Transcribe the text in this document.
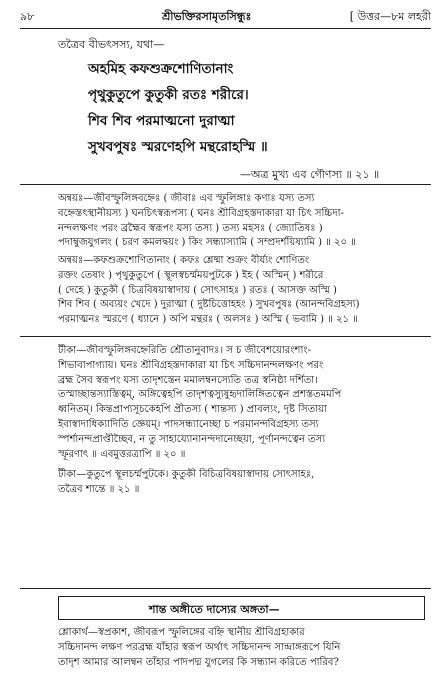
৯৮	শ্রীভক্তিরসামৃতসিন্ধুঃ	[ উত্তর—৮ম লহরী
তত্রৈব বীভৎসস্য, যথা—
অহমিহ কফশুক্রশোণিতানাং
পৃথুকুতুপে কুতুকী রতঃ শরীরে।
শিব শিব পরমাত্মনো দুরাত্মা
সুখবপুষঃ স্মরণেহপি মন্থরোহস্মি ॥
—অত্র মুখ্য এব গৌণস্য ॥ ২১ ॥

অন্বয়ঃ—জীবস্ফুলিঙ্গবহ্নেঃ ( জীবাঃ এব স্ফুলিঙ্গাঃ কণাঃ যস্য তস্য

বহ্নেস্তৎস্থানীয়স্য ) ঘনচিৎস্বরূপস্য ( ঘনঃ শ্রীবিগ্রহস্তদাকারা যা চিৎ সচ্চিদা-

নন্দলক্ষণং পরং ব্রহ্মৈব স্বরূপং যস্য তস্য ) তস্য মহসঃ ( জ্যোতিষঃ )

পদাম্বুজযুগলং ( চরণ কমলদ্বয়ং ) কিং সন্ধ্যাস্যামি ( সম্প্রদর্শয়িষ্যামি ) ॥ ২০ ॥

অন্বয়ঃ—কফশুক্রশোণিতানাং ( কফঃ শ্লেষ্মা শুক্রং বীর্য্যং শোণিতং

রক্তং তেষাং ) পৃথুকুতুপে ( স্থূলস্বচর্ম্মময়পুটকে ) ইহ ( অস্মিন্ ) শরীরে

( দেহে ) কুতুকী ( চিত্রবিষয়াস্বাদায় ( সোৎসাহঃ ) রতঃ ( আসক্ত অস্মি )

শিব শিব ( অব্যয়ং খেদে ) দুরাত্মা ( দুষ্টচিত্তোহহং ) সুখবপুষঃ (আনন্দবিগ্রহস্য)

পরমাত্মনঃ স্মরণে ( ধ্যানে ) অপি মন্থরঃ ( অলসঃ ) অস্মি ( ভবামি ) ॥ ২১ ॥

টীকা—জীবস্ফুলিঙ্গবহ্নেরিতি শ্রৌতানুবাদঃ। স চ জীবেশয়োরংশাং-

শিভাবাপাগ্যায়। ঘনঃ শ্রীবিগ্রহস্তদাকারা যা চিৎ সচ্চিদানন্দলক্ষণং পরং

ব্রহ্ম সৈব স্বরূপং যস্য তাদৃশস্তেন মমালম্বনস্যেতি তত্র স্বনিষ্ঠা দর্শিতা।

তস্মাচ্ছান্তস্যাস্তিত্বম্, অঙ্গিত্বেহপি তাদৃশত্বস্যুষুহৃদালিঙ্গিতত্বেন প্রশস্ততমমপি

ধ্বনিতম্। কিন্তপ্রাপ্যসূচকেহপি প্রীতস্য ( শান্তস্য ) প্রাবল্যং, দৃষ্ট সিতায়া

ইবাস্বাদাধিক্যাদিতি জ্ঞেয়ম্। পাদসন্ধ্যানেচ্ছা চ পরমানন্দবিগ্রহস্য তস্য

স্পর্শানন্দপ্রাপ্তীচ্ছৈব, ন তু সাহায্যোনানন্দদানেচ্ছয়া, পূর্ণানন্দত্বেন তস্য

স্ফূরণাৎ ॥ এবমুত্তরত্রাপি ॥ ২০ ॥

টীকা—কুতুপে স্থূলচর্ম্মপুটকে। কুতুকী বিচিত্রবিষয়াস্বাদায় সোৎসাহঃ,

তত্রৈব শান্তে ॥ ২১ ॥

শান্ত অঙ্গীতে দাস্যের অঙ্গতা—

শ্লোকার্থ—স্বপ্রকাশ, জীবরূপ স্ফুলিঙ্গের বহ্নি স্থানীয় শ্রীবিগ্রহাকার

সচ্চিদানন্দ লক্ষণ পরব্রহ্ম যাঁহার স্বরূপ অর্থাৎ সচ্চিদানন্দ সান্দ্রাঙ্গরূপে যিনি

তাদৃশ আমার আলম্বন তাঁহার পাদপদ্ম যুগলের কি সন্ধ্যান করিতে পারিব?
